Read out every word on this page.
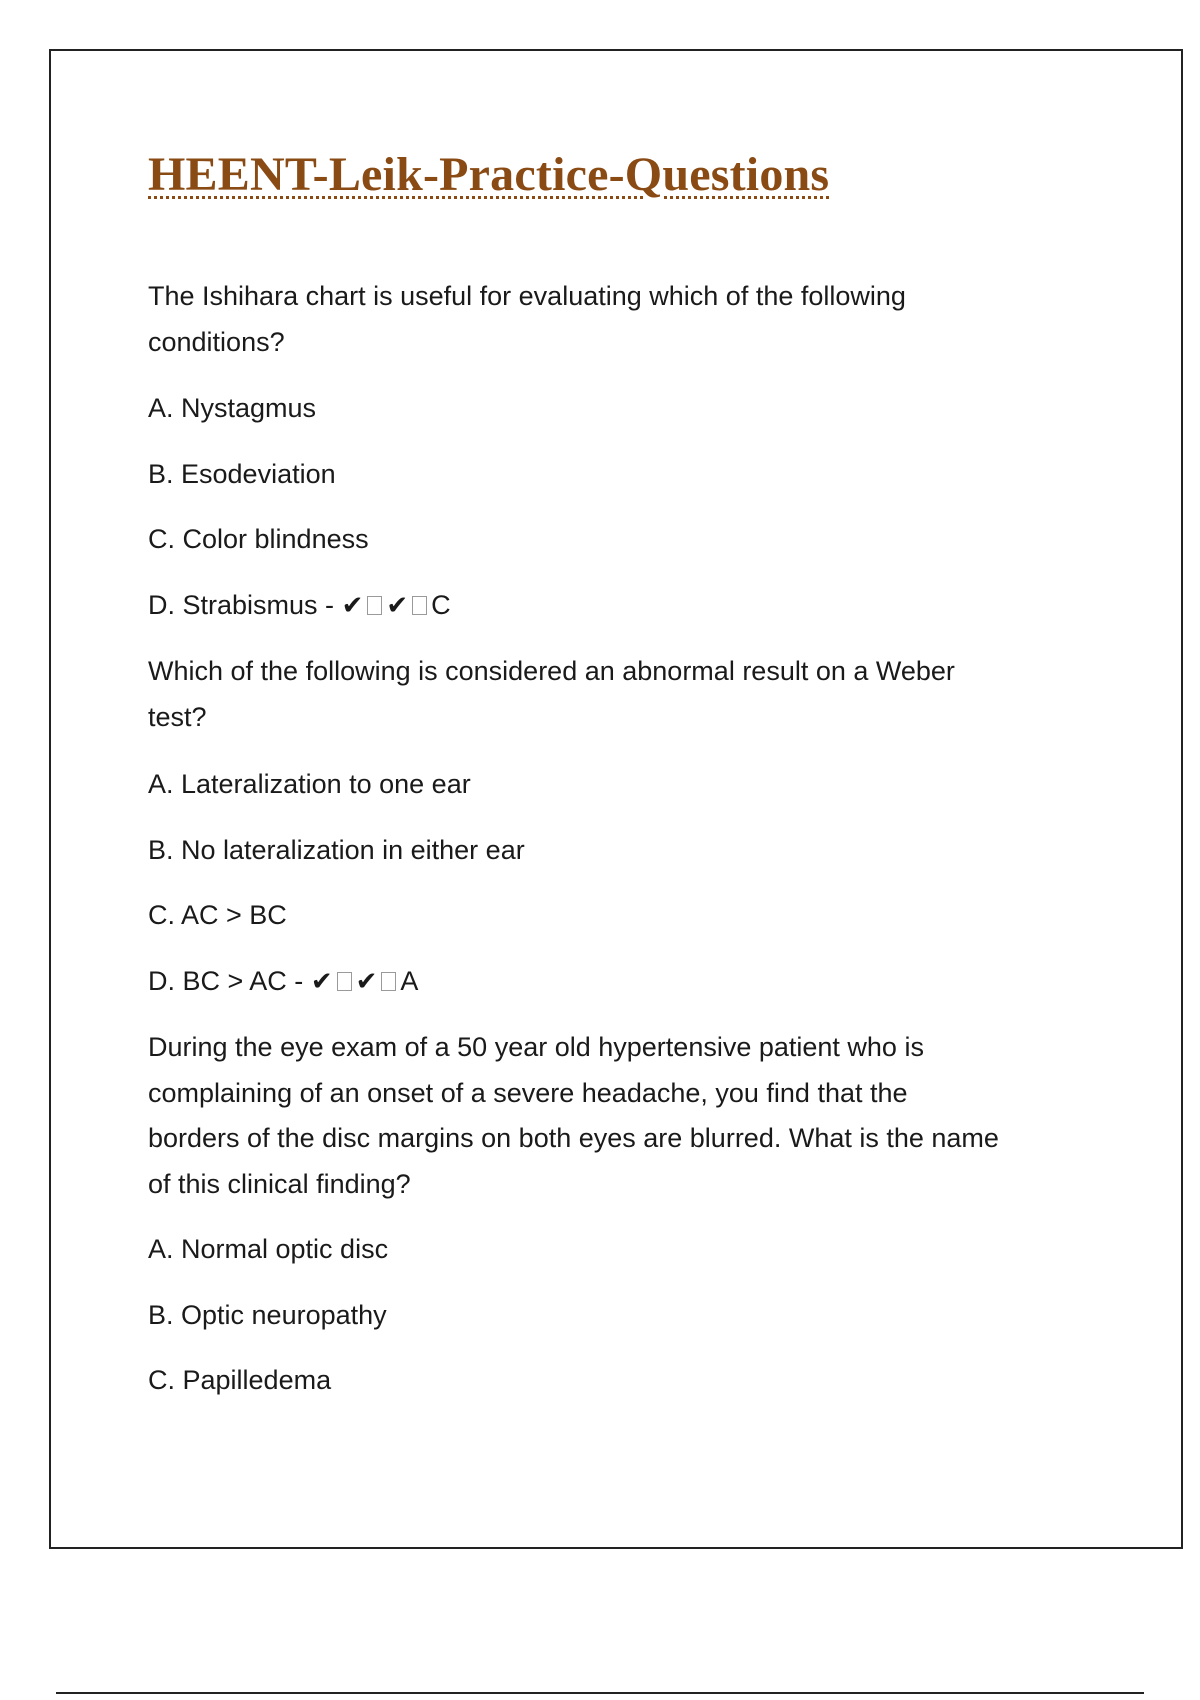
HEENT-Leik-Practice-Questions

The Ishihara chart is useful for evaluating which of the following

conditions?

A. Nystagmus

B. Esodeviation

C. Color blindness

D. Strabismus - ✔ ✔ C

Which of the following is considered an abnormal result on a Weber

test?

A. Lateralization to one ear

B. No lateralization in either ear

C. AC > BC

D. BC > AC - ✔ ✔ A

During the eye exam of a 50 year old hypertensive patient who is

complaining of an onset of a severe headache, you find that the

borders of the disc margins on both eyes are blurred. What is the name

of this clinical finding?

A. Normal optic disc

B. Optic neuropathy

C. Papilledema
